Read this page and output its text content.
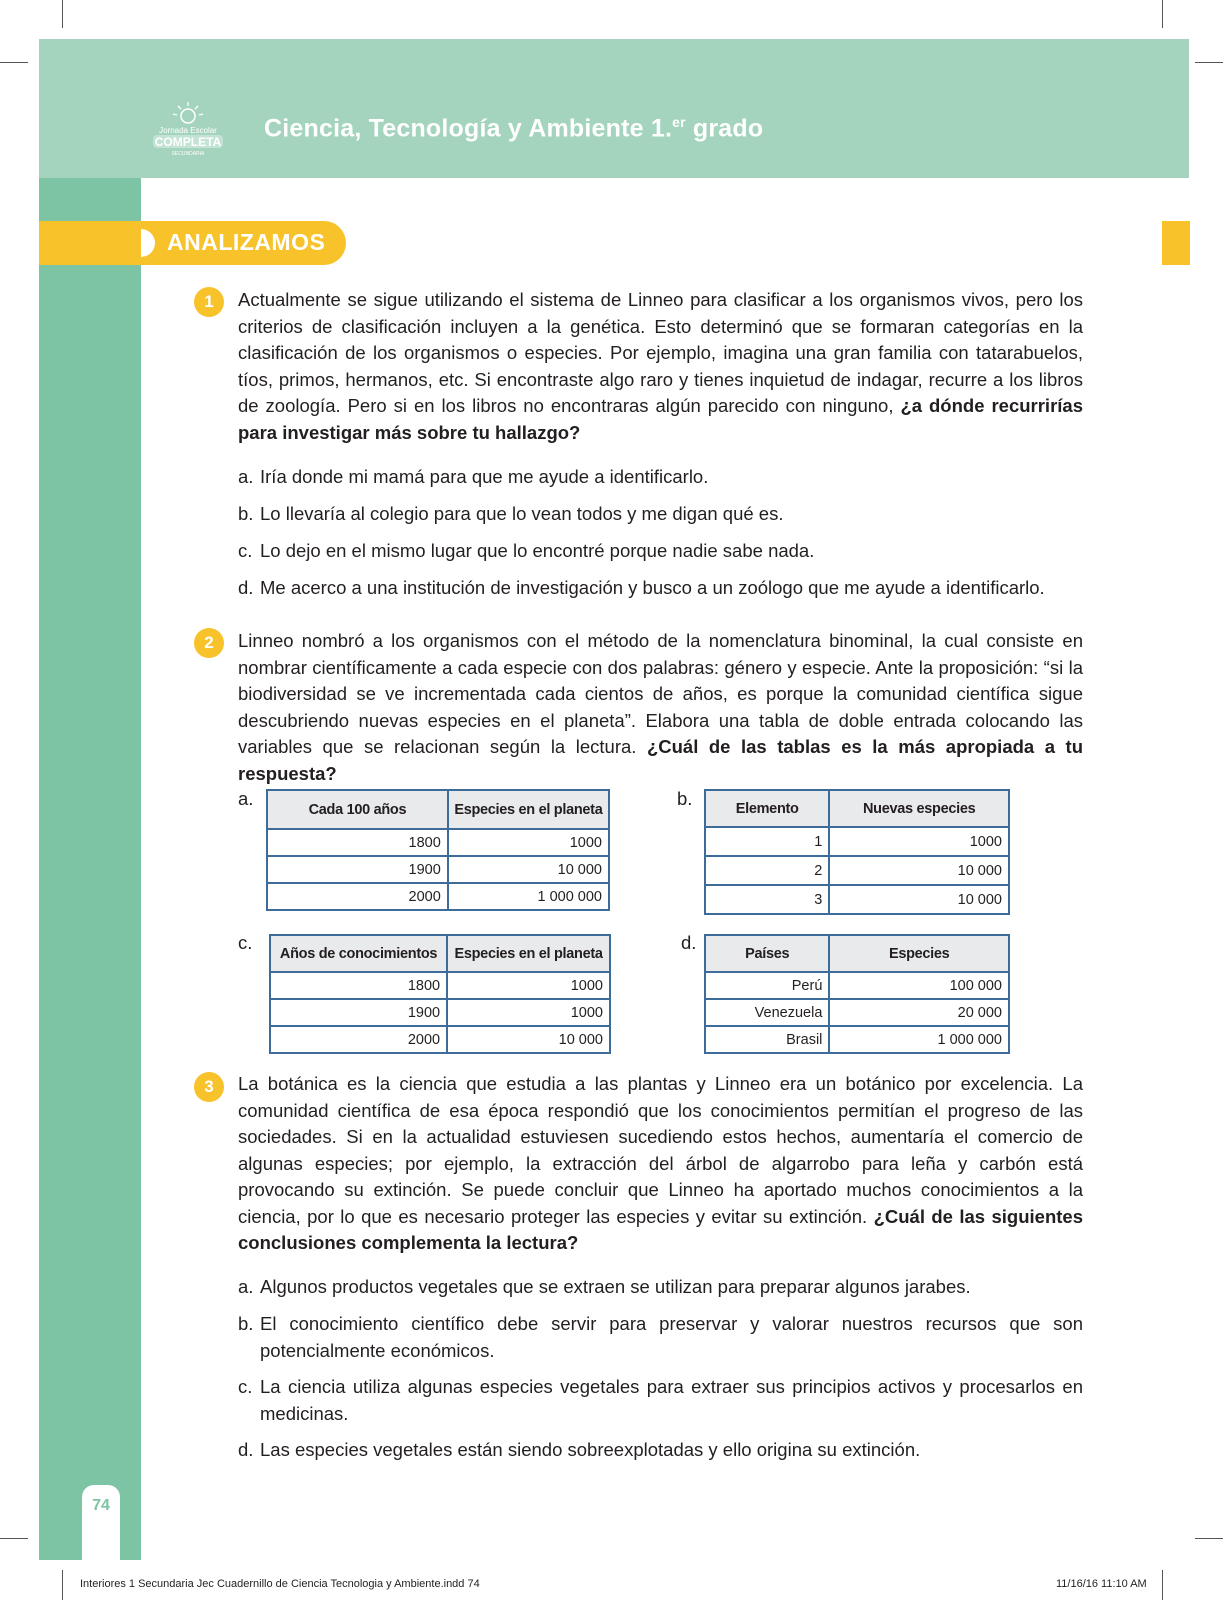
Jornada Escolar
COMPLETA
SECUNDARIA
Ciencia, Tecnología y Ambiente 1.$^{er}$ grado
74
ANALIZAMOS
1	Actualmente se sigue utilizando el sistema de Linneo para clasificar a los organismos vivos, pero los criterios de clasificación incluyen a la genética. Esto determinó que se formaran categorías en la clasificación de los organismos o especies. Por ejemplo, imagina una gran familia con tatarabuelos, tíos, primos, hermanos, etc. Si encontraste algo raro y tienes inquietud de indagar, recurre a los libros de zoología. Pero si en los libros no encontraras algún parecido con ninguno, ¿a dónde recurrirías para investigar más sobre tu hallazgo?
a. Iría donde mi mamá para que me ayude a identificarlo.
b. Lo llevaría al colegio para que lo vean todos y me digan qué es.
c. Lo dejo en el mismo lugar que lo encontré porque nadie sabe nada.
d. Me acerco a una institución de investigación y busco a un zoólogo que me ayude a identificarlo.
2	Linneo nombró a los organismos con el método de la nomenclatura binominal, la cual consiste en nombrar científicamente a cada especie con dos palabras: género y especie. Ante la proposición: “si la biodiversidad se ve incrementada cada cientos de años, es porque la comunidad científica sigue descubriendo nuevas especies en el planeta”. Elabora una tabla de doble entrada colocando las variables que se relacionan según la lectura. ¿Cuál de las tablas es la más apropiada a tu respuesta?
a.
Cada 100 años	Especies en el planeta
1800	1000
1900	10 000
2000	1 000 000
b.	Elemento	Nuevas especies
1	1000
2	10 000
3	10 000
c.
Años de conocimientos	Especies en el planeta
1800	1000
1900	1000
2000	10 000
d.
Países	Especies
Perú	100 000
Venezuela	20 000
Brasil	1 000 000
3	La botánica es la ciencia que estudia a las plantas y Linneo era un botánico por excelencia. La comunidad científica de esa época respondió que los conocimientos permitían el progreso de las sociedades. Si en la actualidad estuviesen sucediendo estos hechos, aumentaría el comercio de algunas especies; por ejemplo, la extracción del árbol de algarrobo para leña y carbón está provocando su extinción. Se puede concluir que Linneo ha aportado muchos conocimientos a la ciencia, por lo que es necesario proteger las especies y evitar su extinción. ¿Cuál de las siguientes conclusiones complementa la lectura?
a. Algunos productos vegetales que se extraen se utilizan para preparar algunos jarabes.
b. El conocimiento científico debe servir para preservar y valorar nuestros recursos que son potencialmente económicos.
c. La ciencia utiliza algunas especies vegetales para extraer sus principios activos y procesarlos en medicinas.
d. Las especies vegetales están siendo sobreexplotadas y ello origina su extinción.
Interiores 1 Secundaria Jec Cuadernillo de Ciencia Tecnologia y Ambiente.indd 74	11/16/16 11:10 AM
